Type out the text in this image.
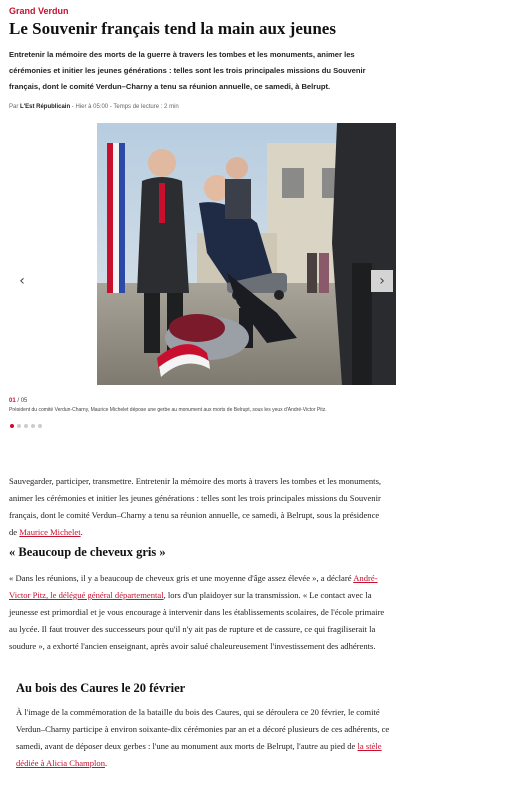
Grand Verdun
Le Souvenir français tend la main aux jeunes
Entretenir la mémoire des morts de la guerre à travers les tombes et les monuments, animer les cérémonies et initier les jeunes générations : telles sont les trois principales missions du Souvenir français, dont le comité Verdun–Charny a tenu sa réunion annuelle, ce samedi, à Belrupt.
Par L'Est Républicain - Hier à 05:00 - Temps de lecture : 2 min
‹	›
01 / 05
Président du comité Verdun-Charny, Maurice Michelet dépose une gerbe au monument aux morts de Belrupt, sous les yeux d'André-Victor Pitz.

Sauvegarder, participer, transmettre. Entretenir la mémoire des morts à travers les tombes et les monuments, animer les cérémonies et initier les jeunes générations : telles sont les trois principales missions du Souvenir français, dont le comité Verdun–Charny a tenu sa réunion annuelle, ce samedi, à Belrupt, sous la présidence de Maurice Michelet.

« Beaucoup de cheveux gris »

« Dans les réunions, il y a beaucoup de cheveux gris et une moyenne d'âge assez élevée », a déclaré André-Victor Pitz, le délégué général départemental, lors d'un plaidoyer sur la transmission. « Le contact avec la jeunesse est primordial et je vous encourage à intervenir dans les établissements scolaires, de l'école primaire au lycée. Il faut trouver des successeurs pour qu'il n'y ait pas de rupture et de cassure, ce qui fragiliserait la soudure », a exhorté l'ancien enseignant, après avoir salué chaleureusement l'investissement des adhérents.

Au bois des Caures le 20 février

À l'image de la commémoration de la bataille du bois des Caures, qui se déroulera ce 20 février, le comité Verdun–Charny participe à environ soixante-dix cérémonies par an et a décoré plusieurs de ces adhérents, ce samedi, avant de déposer deux gerbes : l'une au monument aux morts de Belrupt, l'autre au pied de la stèle dédiée à Alicia Champlon.
